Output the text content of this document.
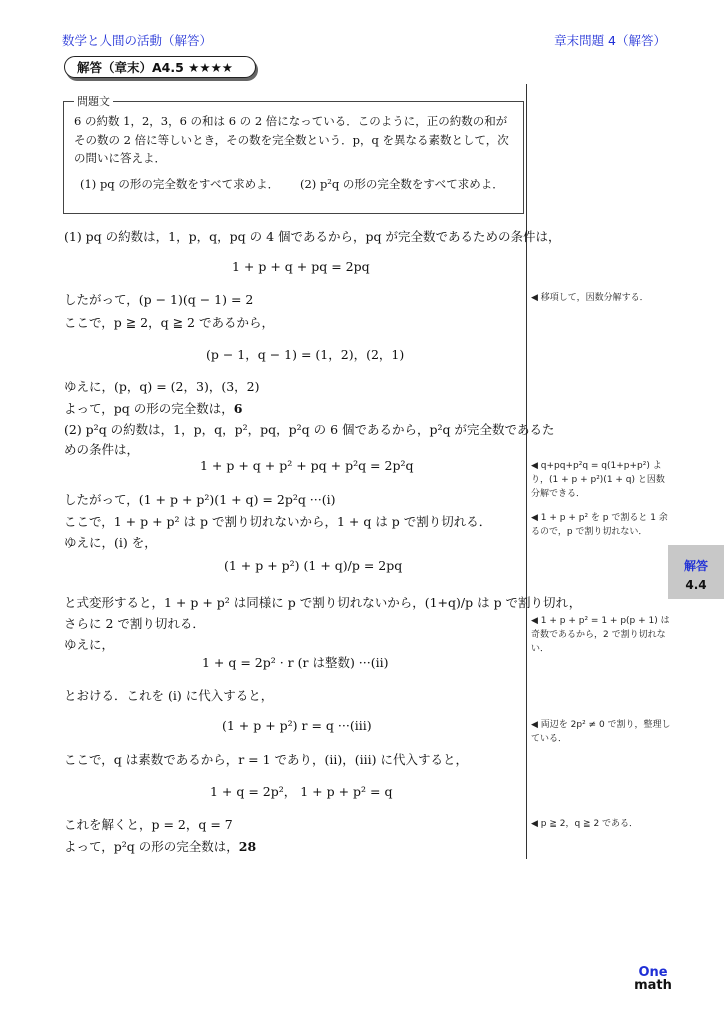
数学と人間の活動（解答）	章末問題 4（解答）
解答（章末）A4.5 ★★★★
問題文
6 の約数 1，2，3，6 の和は 6 の 2 倍になっている．このように，正の約数の和がその数の 2 倍に等しいとき，その数を完全数という．p，q を異なる素数として，次の問いに答えよ．
(1) pq の形の完全数をすべて求めよ． (2) p²q の形の完全数をすべて求めよ．
(1) pq の約数は，1，p，q，pq の 4 個であるから，pq が完全数であるための条件は，
1 + p + q + pq = 2pq
したがって，(p − 1)(q − 1) = 2
ここで，p ≧ 2，q ≧ 2 であるから，
(p − 1，q − 1) = (1，2)，(2，1)
ゆえに，(p，q) = (2，3)，(3，2)
よって，pq の形の完全数は，6
(2) p²q の約数は，1，p，q，p²，pq，p²q の 6 個であるから，p²q が完全数であるた
めの条件は，
1 + p + q + p² + pq + p²q = 2p²q
したがって，(1 + p + p²)(1 + q) = 2p²q ···(i)
ここで，1 + p + p² は p で割り切れないから，1 + q は p で割り切れる．
ゆえに，(i) を，
(1 + p + p²) (1 + q)/p = 2pq
と式変形すると，1 + p + p² は同様に p で割り切れないから，(1+q)/p は p で割り切れ，
さらに 2 で割り切れる．
ゆえに，
1 + q = 2p² · r (r は整数) ···(ii)
とおける．これを (i) に代入すると，
(1 + p + p²) r = q ···(iii)
ここで，q は素数であるから，r = 1 であり，(ii)，(iii) に代入すると，
1 + q = 2p²， 1 + p + p² = q
これを解くと，p = 2，q = 7
よって，p²q の形の完全数は，28
◀ 移項して，因数分解する．
◀ q+pq+p²q = q(1+p+p²) より，(1 + p + p²)(1 + q) と因数分解できる．
◀ 1 + p + p² を p で割ると 1 余るので，p で割り切れない．
◀ 1 + p + p² = 1 + p(p + 1) は奇数であるから，2 で割り切れない．
◀ 両辺を 2p² ≠ 0 で割り，整理している．
◀ p ≧ 2，q ≧ 2 である．
解答
4.4
One
math
